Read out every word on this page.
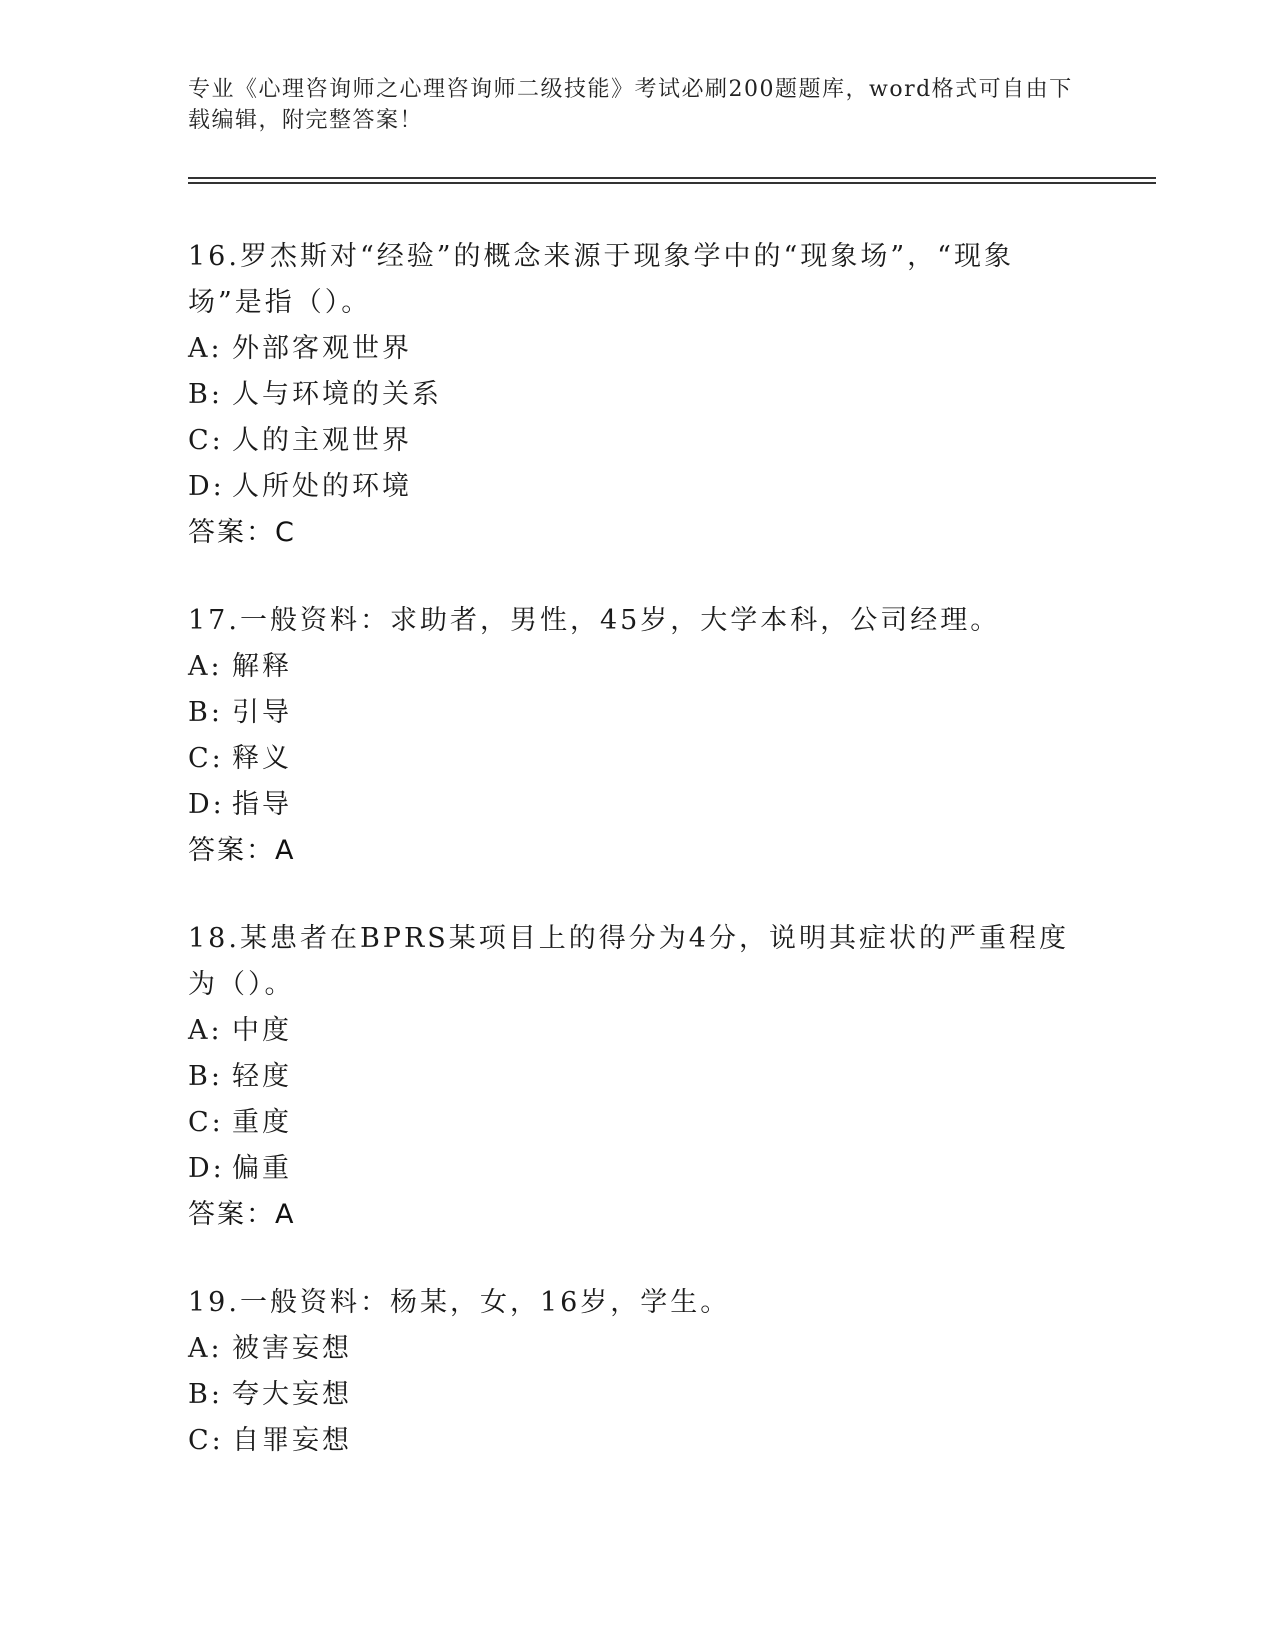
专业《心理咨询师之心理咨询师二级技能》考试必刷200题题库，word格式可自由下载编辑，附完整答案！

16.罗杰斯对“经验”的概念来源于现象学中的“现象场”，“现象场”是指（）。

A: 外部客观世界

B: 人与环境的关系

C: 人的主观世界

D: 人所处的环境

答案：C

17.一般资料：求助者，男性，45岁，大学本科，公司经理。

A: 解释

B: 引导

C: 释义

D: 指导

答案：A

18.某患者在BPRS某项目上的得分为4分，说明其症状的严重程度为（）。

A: 中度

B: 轻度

C: 重度

D: 偏重

答案：A

19.一般资料：杨某，女，16岁，学生。

A: 被害妄想

B: 夸大妄想

C: 自罪妄想
